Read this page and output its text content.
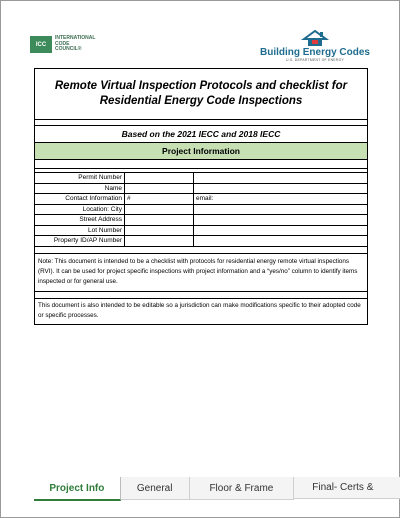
ICC
INTERNATIONAL
CODE
COUNCIL®	Building Energy Codes
U.S. DEPARTMENT OF ENERGY
Remote Virtual Inspection Protocols and checklist for Residential Energy Code Inspections
Based on the 2021 IECC and 2018 IECC
Project Information
Permit Number		
Name		
Contact Information	#	email:
Location: City		
Street Address		
Lot Number		
Property ID/AP Number		
Note: This document is intended to be a checklist with protocols for residential energy remote virtual inspections (RVI). It can be used for project specific inspections with project information and a “yes/no” column to identify items inspected or for general use.
This document is also intended to be editable so a jurisdiction can make modifications specific to their adopted code or specific processes.
Project Info	General	Floor & Frame	Final- Certs &
